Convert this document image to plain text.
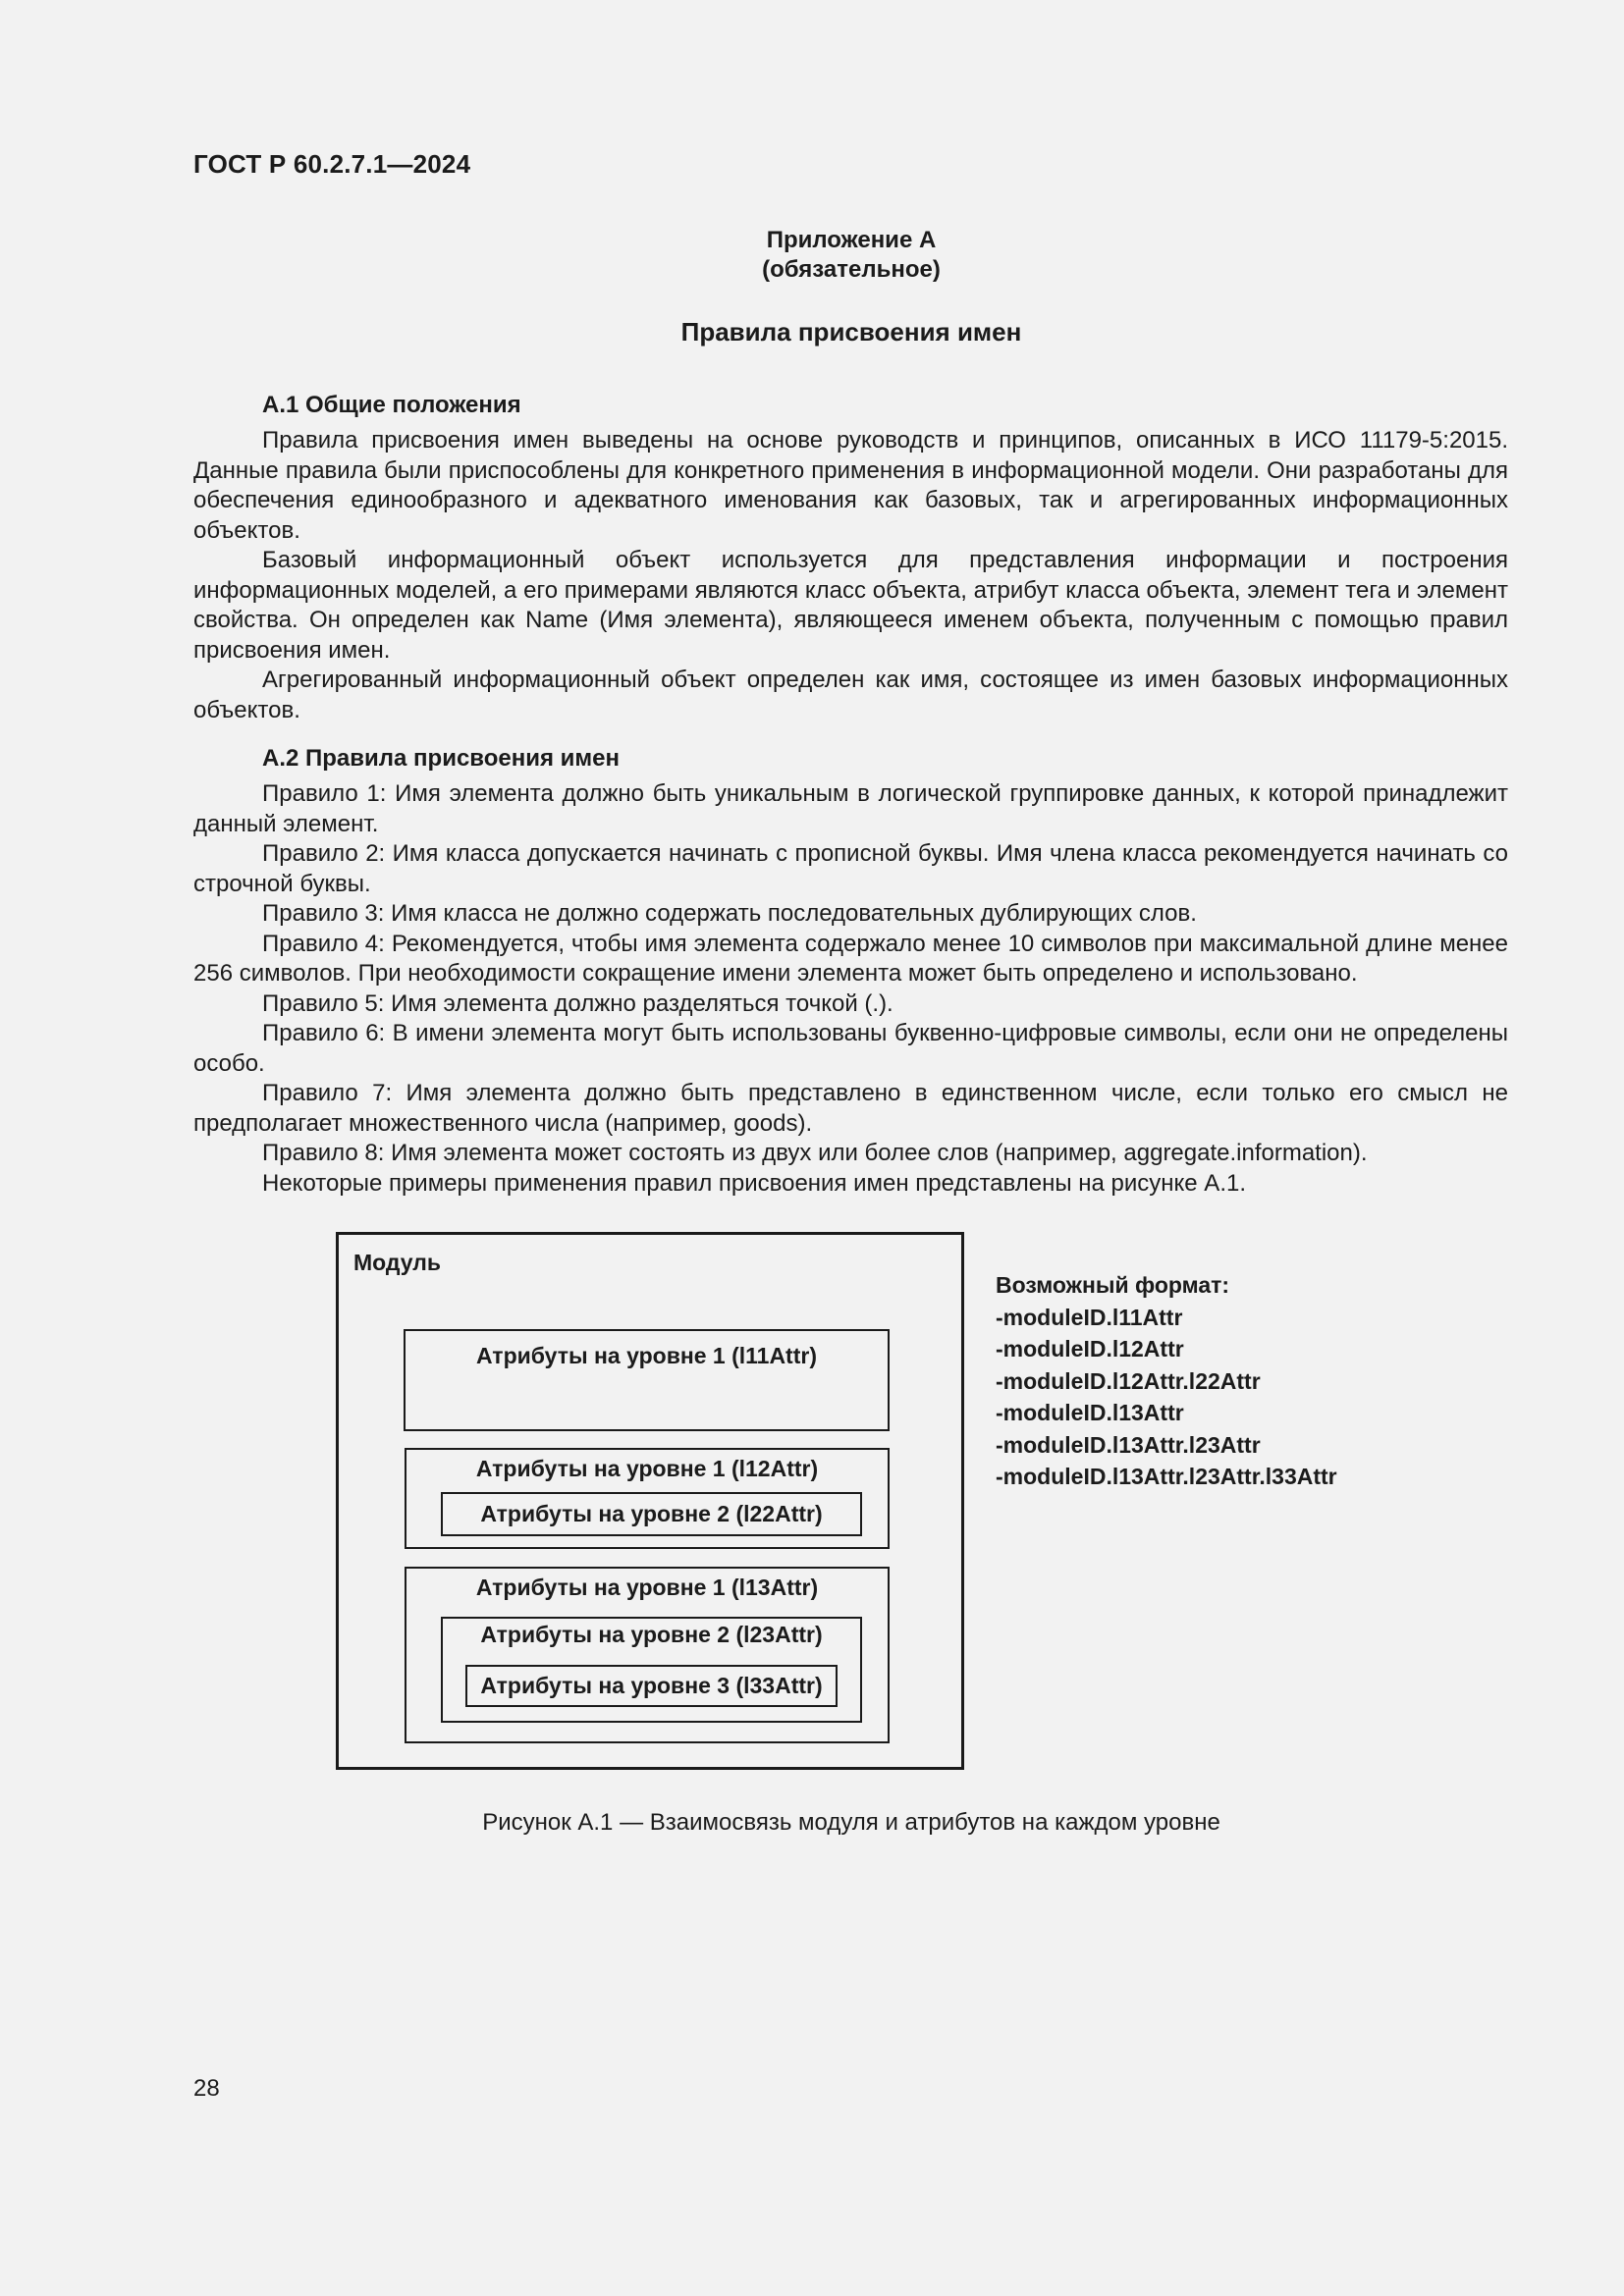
ГОСТ Р 60.2.7.1—2024
Приложение А
(обязательное)
Правила присвоения имен
А.1 Общие положения

Правила присвоения имен выведены на основе руководств и принципов, описанных в ИСО 11179-5:2015. Данные правила были приспособлены для конкретного применения в информационной модели. Они разработаны для обеспечения единообразного и адекватного именования как базовых, так и агрегированных информационных объектов.

Базовый информационный объект используется для представления информации и построения информационных моделей, а его примерами являются класс объекта, атрибут класса объекта, элемент тега и элемент свойства. Он определен как Name (Имя элемента), являющееся именем объекта, полученным с помощью правил присвоения имен.

Агрегированный информационный объект определен как имя, состоящее из имен базовых информационных объектов.

А.2 Правила присвоения имен

Правило 1: Имя элемента должно быть уникальным в логической группировке данных, к которой принадлежит данный элемент.

Правило 2: Имя класса допускается начинать с прописной буквы. Имя члена класса рекомендуется начинать со строчной буквы.

Правило 3: Имя класса не должно содержать последовательных дублирующих слов.

Правило 4: Рекомендуется, чтобы имя элемента содержало менее 10 символов при максимальной длине менее 256 символов. При необходимости сокращение имени элемента может быть определено и использовано.

Правило 5: Имя элемента должно разделяться точкой (.).

Правило 6: В имени элемента могут быть использованы буквенно-цифровые символы, если они не определены особо.

Правило 7: Имя элемента должно быть представлено в единственном числе, если только его смысл не предполагает множественного числа (например, goods).

Правило 8: Имя элемента может состоять из двух или более слов (например, aggregate.information).

Некоторые примеры применения правил присвоения имен представлены на рисунке А.1.

Модуль
Атрибуты на уровне 1 (l11Attr)
Атрибуты на уровне 1 (l12Attr)
Атрибуты на уровне 2 (l22Attr)
Атрибуты на уровне 1 (l13Attr)
Атрибуты на уровне 2 (l23Attr)
Атрибуты на уровне 3 (l33Attr)
Возможный формат:
-moduleID.l11Attr
-moduleID.l12Attr
-moduleID.l12Attr.l22Attr
-moduleID.l13Attr
-moduleID.l13Attr.l23Attr
-moduleID.l13Attr.l23Attr.l33Attr
Рисунок А.1 — Взаимосвязь модуля и атрибутов на каждом уровне
28
